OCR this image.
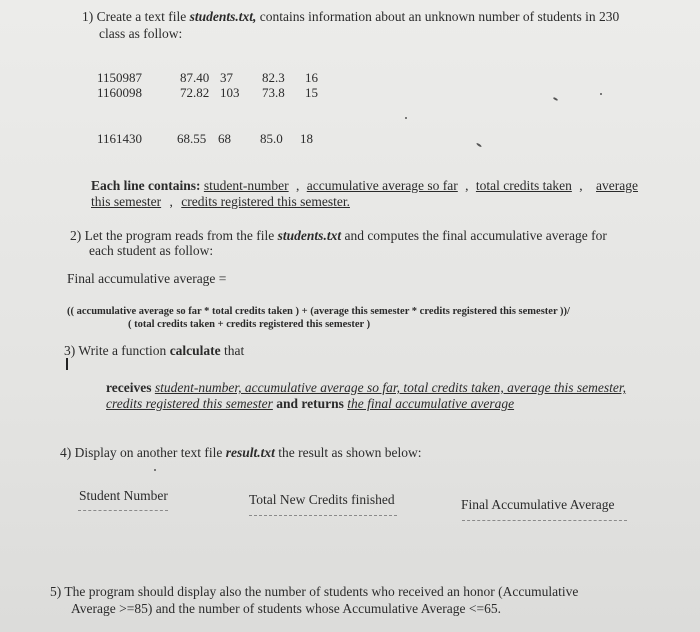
1) Create a text file students.txt, contains information about an unknown number of students in 230
class as follow:
1150987	87.40 37 82.3 16
1160098	72.82 103 73.8 15
1161430	68.55 68 85.0 18
Each line contains: student-number , accumulative average so far , total credits taken , average
this semester , credits registered this semester.
2) Let the program reads from the file students.txt and computes the final accumulative average for
each student as follow:
Final accumulative average =
(( accumulative average so far * total credits taken ) + (average this semester * credits registered this semester ))/
( total credits taken + credits registered this semester )
3) Write a function calculate that
receives student-number, accumulative average so far, total credits taken, average this semester,
credits registered this semester and returns the final accumulative average
4) Display on another text file result.txt the result as shown below:
Student Number	Total New Credits finished	Final Accumulative Average
5) The program should display also the number of students who received an honor (Accumulative
Average >=85) and the number of students whose Accumulative Average <=65.
